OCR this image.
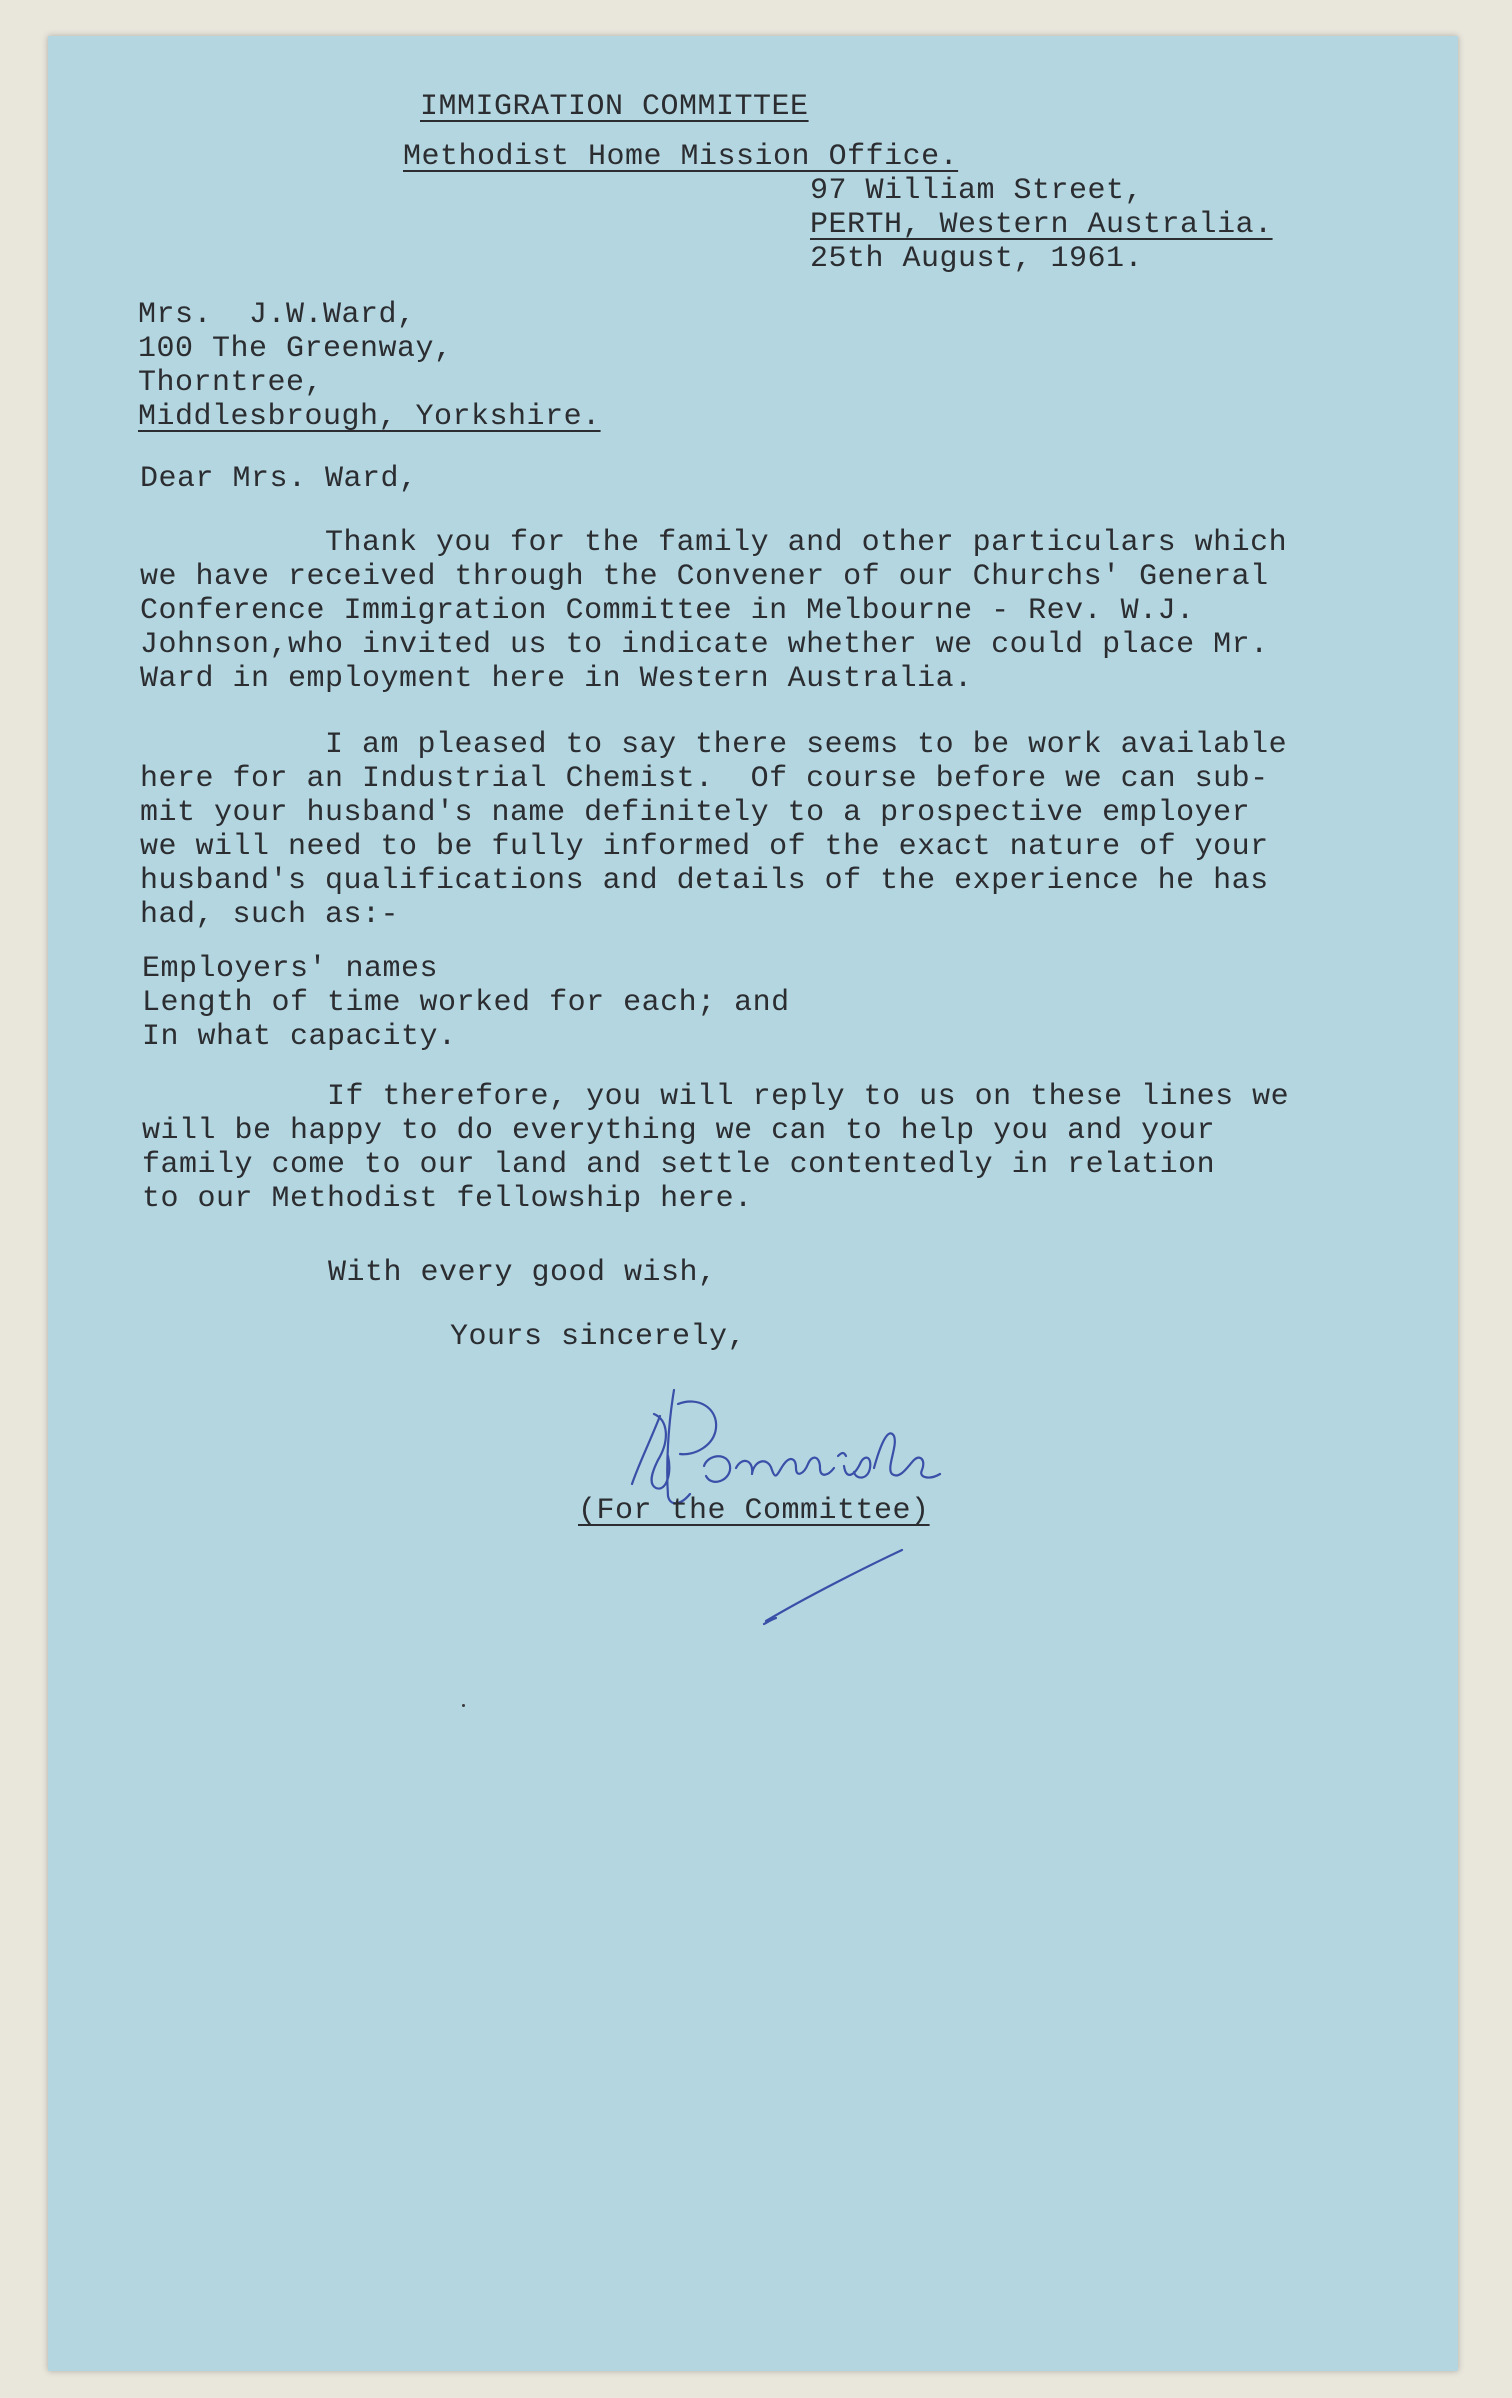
IMMIGRATION COMMITTEE

Methodist Home Mission Office.

97 William Street,

PERTH, Western Australia.

25th August, 1961.

Mrs.  J.W.Ward,

100 The Greenway,

Thorntree,

Middlesbrough, Yorkshire.

Dear Mrs. Ward,

Thank you for the family and other particulars which
we have received through the Convener of our Churchs' General
Conference Immigration Committee in Melbourne - Rev. W.J.
Johnson,who invited us to indicate whether we could place Mr.
Ward in employment here in Western Australia.
I am pleased to say there seems to be work available
here for an Industrial Chemist.  Of course before we can sub-
mit your husband's name definitely to a prospective employer
we will need to be fully informed of the exact nature of your
husband's qualifications and details of the experience he has
had, such as:-
Employers' names
Length of time worked for each; and
In what capacity.
If therefore, you will reply to us on these lines we
will be happy to do everything we can to help you and your
family come to our land and settle contentedly in relation
to our Methodist fellowship here.

With every good wish,

Yours sincerely,

(For the Committee)
